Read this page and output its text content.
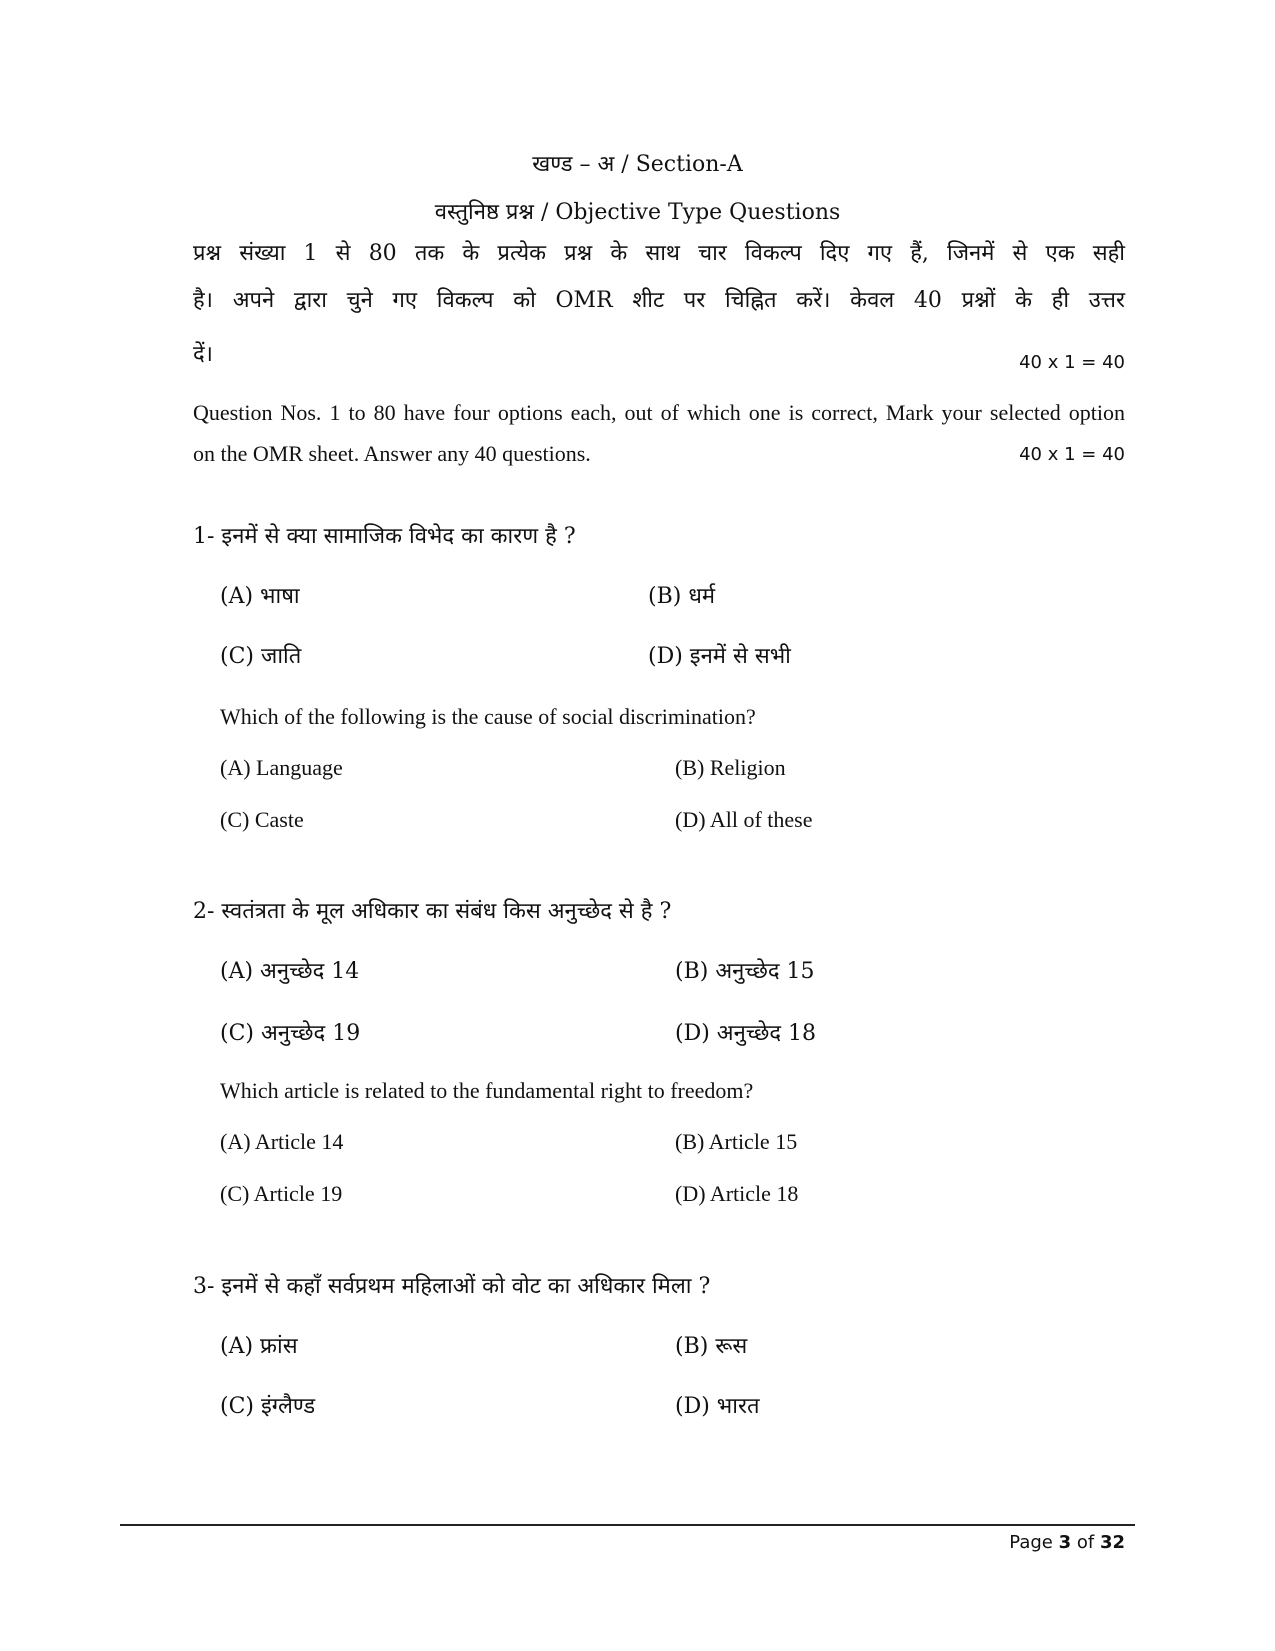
खण्ड – अ / Section-A
वस्तुनिष्ठ प्रश्न / Objective Type Questions
प्रश्न संख्या 1 से 80 तक के प्रत्येक प्रश्न के साथ चार विकल्प दिए गए हैं, जिनमें से एक सही
है। अपने द्वारा चुने गए विकल्प को OMR शीट पर चिह्नित करें। केवल 40 प्रश्नों के ही उत्तर
दें।	40 x 1 = 40
Question Nos. 1 to 80 have four options each, out of which one is correct, Mark your selected option
on the OMR sheet. Answer any 40 questions.	40 x 1 = 40
1- इनमें से क्या सामाजिक विभेद का कारण है ?
(A) भाषा	(B) धर्म
(C) जाति	(D) इनमें से सभी
Which of the following is the cause of social discrimination?
(A) Language	(B) Religion
(C) Caste	(D) All of these
2- स्वतंत्रता के मूल अधिकार का संबंध किस अनुच्छेद से है ?
(A) अनुच्छेद 14	(B) अनुच्छेद 15
(C) अनुच्छेद 19	(D) अनुच्छेद 18
Which article is related to the fundamental right to freedom?
(A) Article 14	(B) Article 15
(C) Article 19	(D) Article 18
3- इनमें से कहाँ सर्वप्रथम महिलाओं को वोट का अधिकार मिला ?
(A) फ्रांस	(B) रूस
(C) इंग्लैण्ड	(D) भारत
Page 3 of 32
